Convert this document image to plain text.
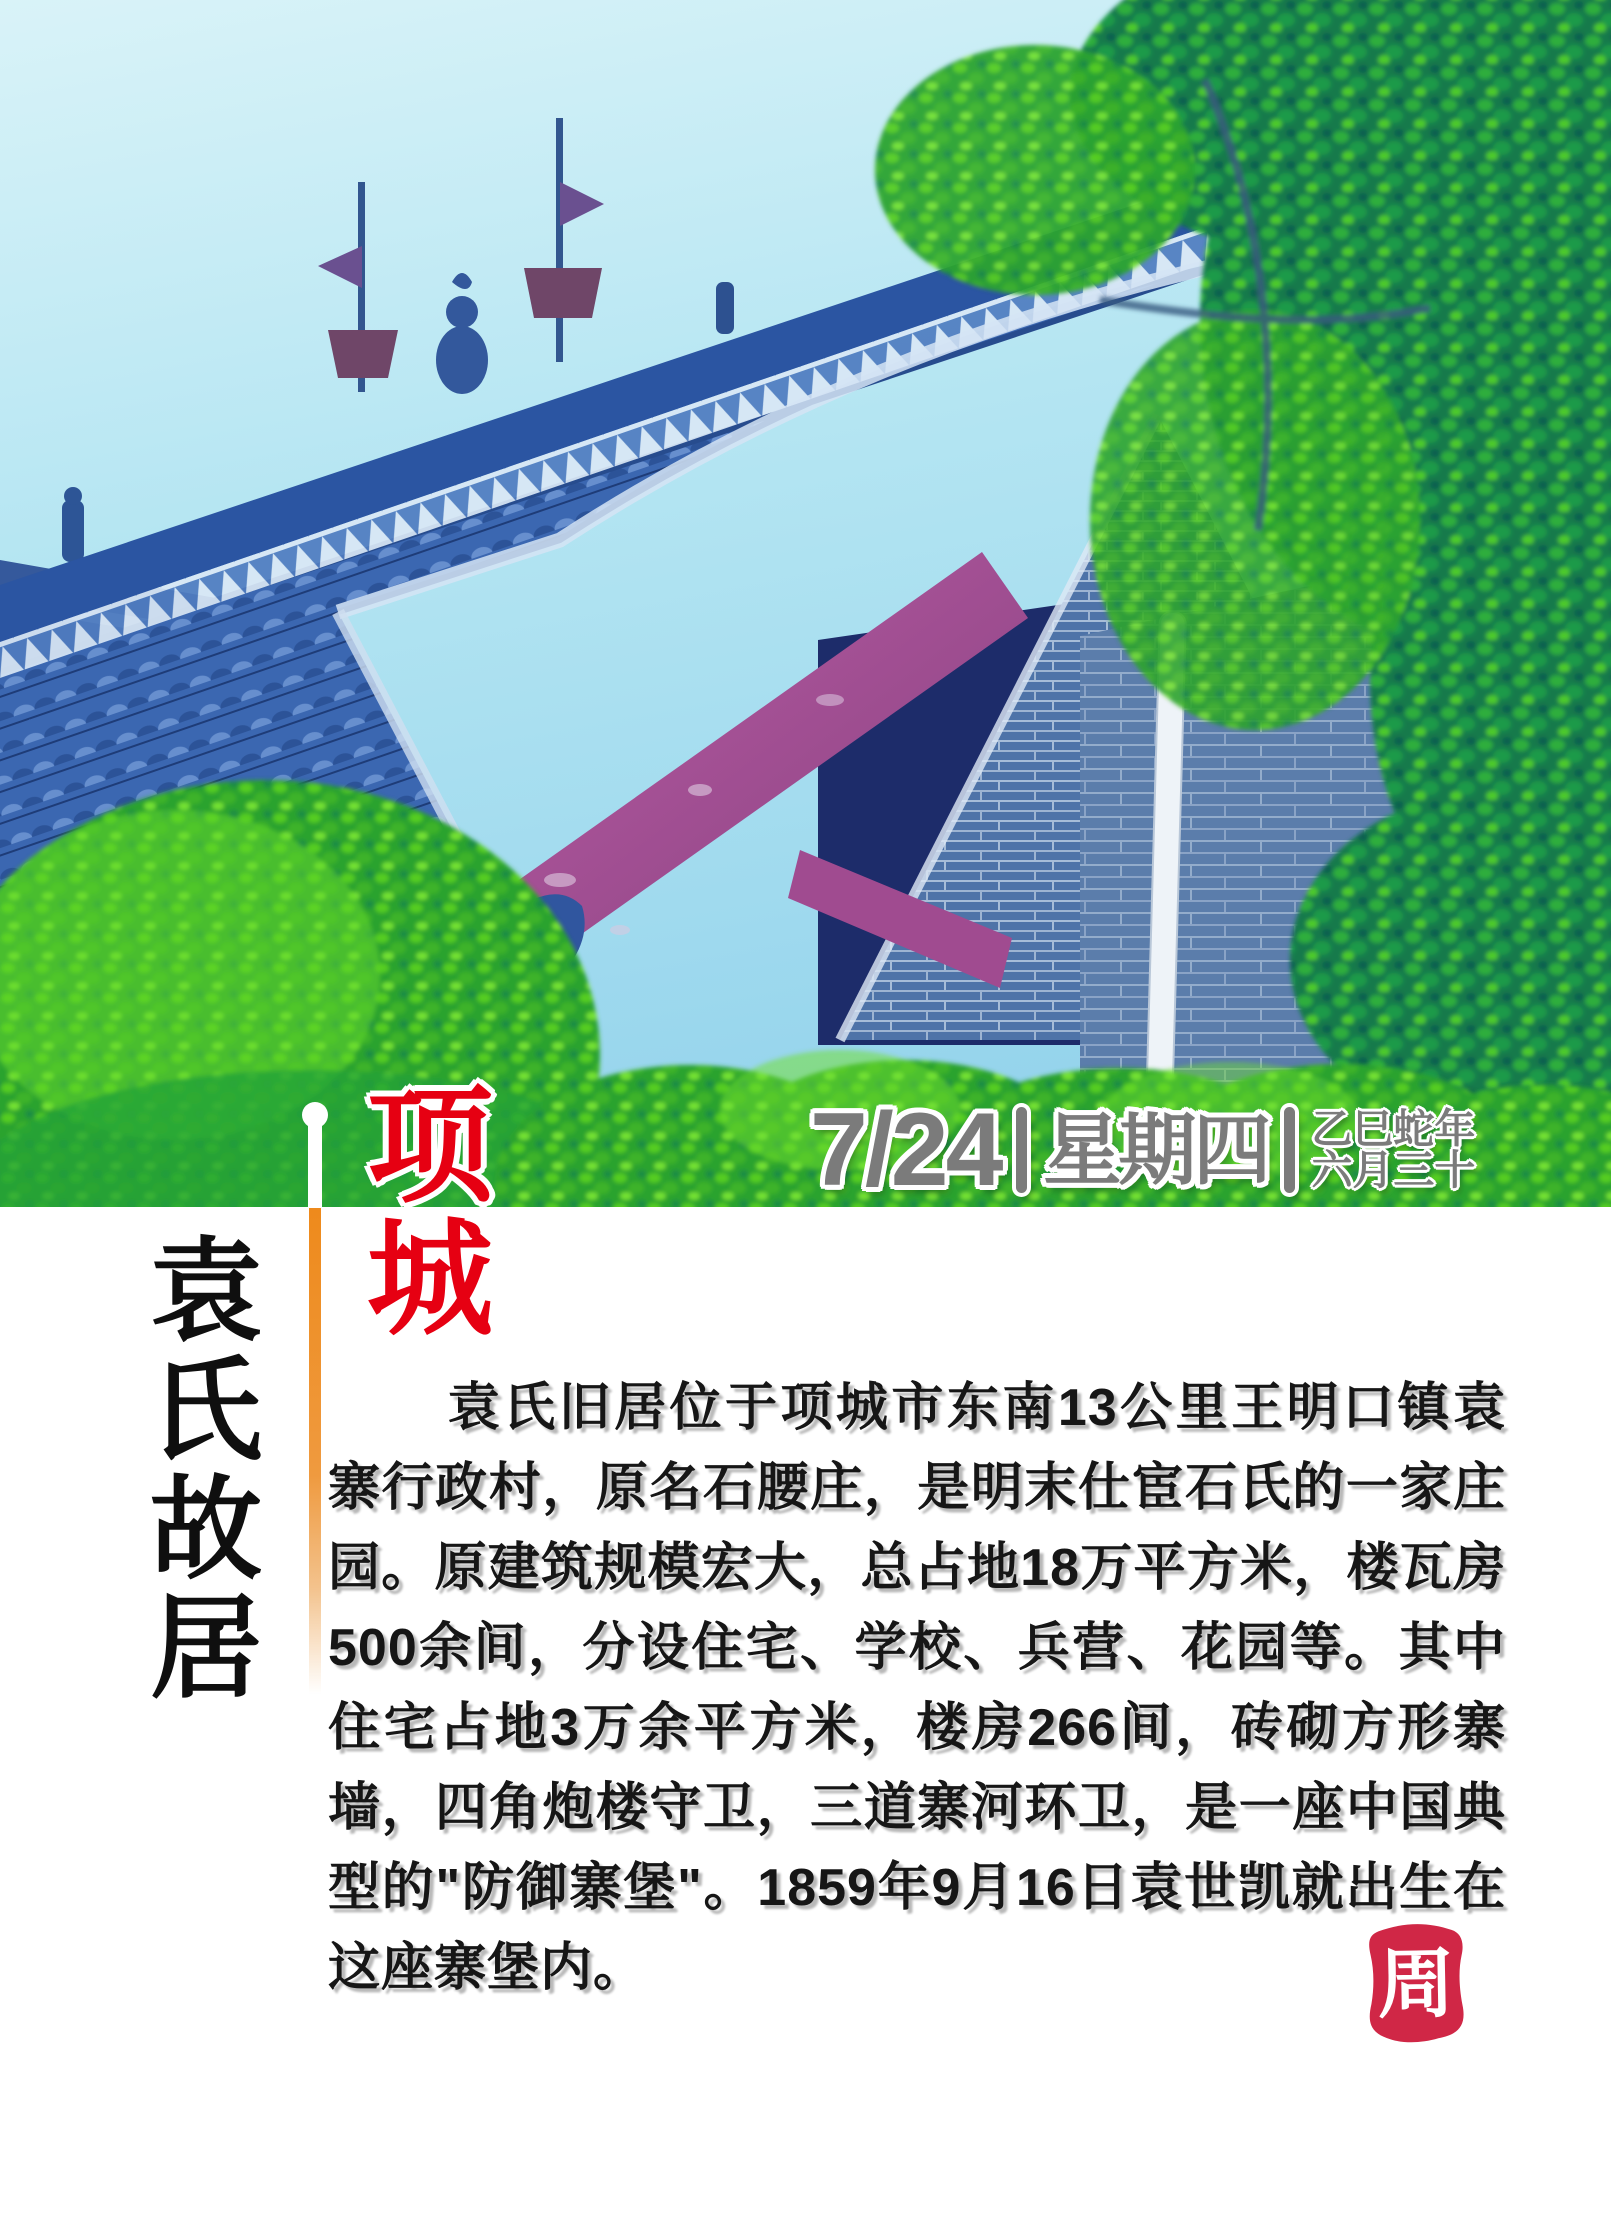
7/24 星期四 乙巳蛇年
六月三十
项
城
袁
氏
故
居

袁氏旧居位于项城市东南13公里王明口镇袁寨行政村，原名石腰庄，是明末仕宦石氏的一家庄园。原建筑规模宏大，总占地18万平方米，楼瓦房500余间，分设住宅、学校、兵营、花园等。其中住宅占地3万余平方米，楼房266间，砖砌方形寨墙，四角炮楼守卫，三道寨河环卫，是一座中国典型的"防御寨堡"。1859年9月16日袁世凯就出生在这座寨堡内。	周
